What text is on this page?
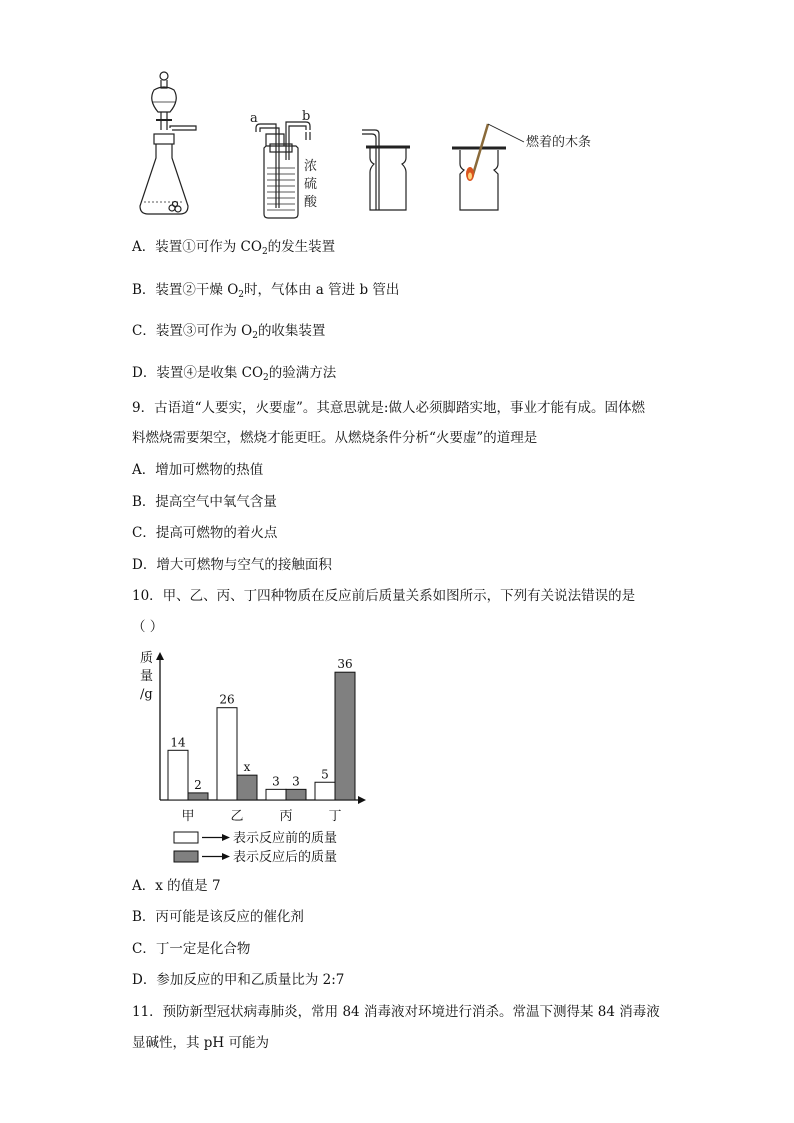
a	b
浓
硫
酸
燃着的木条
A．装置①可作为 $CO_2$的发生装置
B．装置②干燥 $O_2$时，气体由 a 管进 b 管出
C．装置③可作为 $O_2$的收集装置
D．装置④是收集 $CO_2$的验满方法
9．古语道“人要实，火要虚”。其意思就是:做人必须脚踏实地，事业才能有成。固体燃
料燃烧需要架空，燃烧才能更旺。从燃烧条件分析“火要虚”的道理是
A．增加可燃物的热值
B．提高空气中氧气含量
C．提高可燃物的着火点
D．增大可燃物与空气的接触面积
10．甲、乙、丙、丁四种物质在反应前后质量关系如图所示，下列有关说法错误的是
（ ）
质
量
/g
14
2
甲
26
x
乙
3 3
丙
5
36
丁
表示反应前的质量
表示反应后的质量
A．x 的值是 7
B．丙可能是该反应的催化剂
C．丁一定是化合物
D．参加反应的甲和乙质量比为 2:7
11．预防新型冠状病毒肺炎，常用 84 消毒液对环境进行消杀。常温下测得某 84 消毒液
显碱性，其 pH 可能为
